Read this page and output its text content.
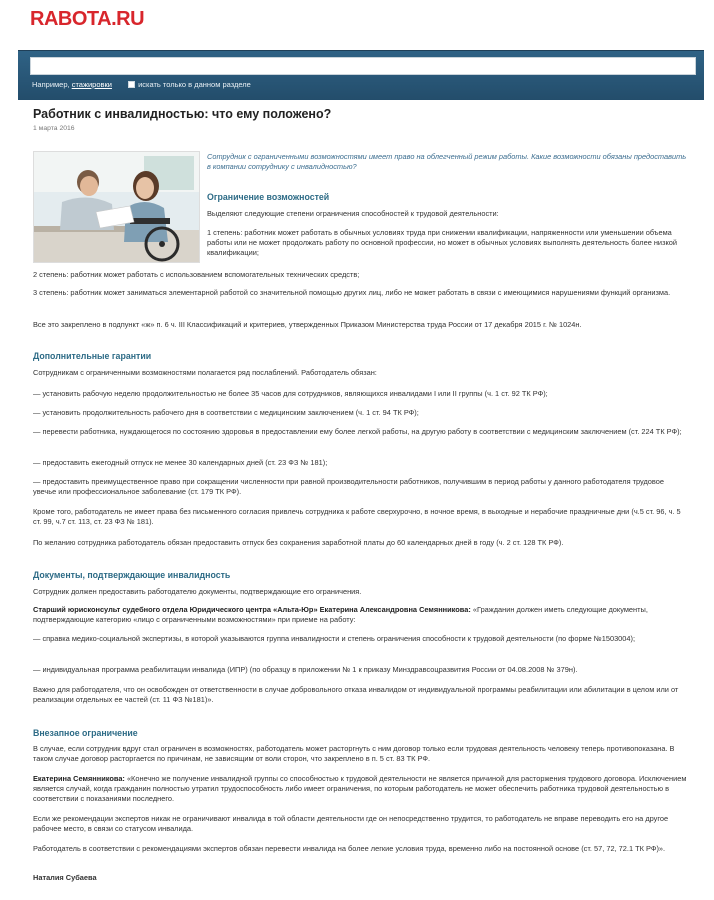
RABOTA.RU
Например, стажировки	искать только в данном разделе
Работник с инвалидностью: что ему положено?
1 марта 2016

Сотрудник с ограниченными возможностями имеет право на облегченный режим работы. Какие возможности обязаны предоставить в компании сотруднику с инвалидностью?

Ограничение возможностей

Выделяют следующие степени ограничения способностей к трудовой деятельности:

1 степень: работник может работать в обычных условиях труда при снижении квалификации, напряженности или уменьшении объема работы или не может продолжать работу по основной профессии, но может в обычных условиях выполнять деятельность более низкой квалификации;

2 степень: работник может работать с использованием вспомогательных технических средств;

3 степень: работник может заниматься элементарной работой со значительной помощью других лиц, либо не может работать в связи с имеющимися нарушениями функций организма.

Все это закреплено в подпункт «ж» п. 6 ч. III Классификаций и критериев, утвержденных Приказом Министерства труда России от 17 декабря 2015 г. № 1024н.

Дополнительные гарантии

Сотрудникам с ограниченными возможностями полагается ряд послаблений. Работодатель обязан:

— установить рабочую неделю продолжительностью не более 35 часов для сотрудников, являющихся инвалидами I или II группы (ч. 1 ст. 92 ТК РФ);

— установить продолжительность рабочего дня в соответствии с медицинским заключением (ч. 1 ст. 94 ТК РФ);

— перевести работника, нуждающегося по состоянию здоровья в предоставлении ему более легкой работы, на другую работу в соответствии с медицинским заключением (ст. 224 ТК РФ);

— предоставить ежегодный отпуск не менее 30 календарных дней (ст. 23 ФЗ № 181);

— предоставить преимущественное право при сокращении численности при равной производительности работников, получившим в период работы у данного работодателя трудовое увечье или профессиональное заболевание (ст. 179 ТК РФ).

Кроме того, работодатель не имеет права без письменного согласия привлечь сотрудника к работе сверхурочно, в ночное время, в выходные и нерабочие праздничные дни (ч.5 ст. 96, ч. 5 ст. 99, ч.7 ст. 113, ст. 23 ФЗ № 181).

По желанию сотрудника работодатель обязан предоставить отпуск без сохранения заработной платы до 60 календарных дней в году (ч. 2 ст. 128 ТК РФ).

Документы, подтверждающие инвалидность

Сотрудник должен предоставить работодателю документы, подтверждающие его ограничения.

Старший юрисконсульт судебного отдела Юридического центра «Альта-Юр» Екатерина Александровна Семянникова: «Гражданин должен иметь следующие документы, подтверждающие категорию «лицо с ограниченными возможностями» при приеме на работу:

— справка медико-социальной экспертизы, в которой указываются группа инвалидности и степень ограничения способности к трудовой деятельности (по форме №1503004);

— индивидуальная программа реабилитации инвалида (ИПР) (по образцу в приложении № 1 к приказу Минздравсоцразвития России от 04.08.2008 № 379н).

Важно для работодателя, что он освобожден от ответственности в случае добровольного отказа инвалидом от индивидуальной программы реабилитации или абилитации в целом или от реализации отдельных ее частей (ст. 11 ФЗ №181)».

Внезапное ограничение

В случае, если сотрудник вдруг стал ограничен в возможностях, работодатель может расторгнуть с ним договор только если трудовая деятельность человеку теперь противопоказана. В таком случае договор расторгается по причинам, не зависящим от воли сторон, что закреплено в п. 5 ст. 83 ТК РФ.

Екатерина Семянникова: «Конечно же получение инвалидной группы со способностью к трудовой деятельности не является причиной для расторжения трудового договора. Исключением является случай, когда гражданин полностью утратил трудоспособность либо имеет ограничения, по которым работодатель не может обеспечить работника трудовой деятельностью в соответствии с показаниями последнего.

Если же рекомендации экспертов никак не ограничивают инвалида в той области деятельности где он непосредственно трудится, то работодатель не вправе переводить его на другое рабочее место, в связи со статусом инвалида.

Работодатель в соответствии с рекомендациями экспертов обязан перевести инвалида на более легкие условия труда, временно либо на постоянной основе (ст. 57, 72, 72.1 ТК РФ)».

Наталия Субаева
